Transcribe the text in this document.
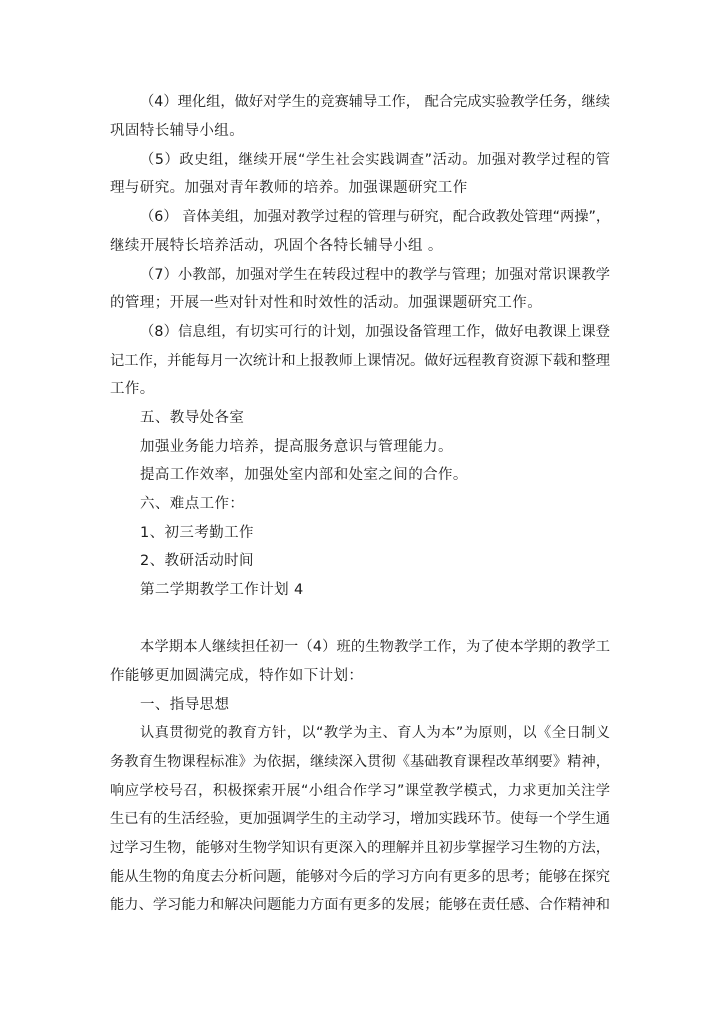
（4）理化组，做好对学生的竞赛辅导工作， 配合完成实验教学任务，继续
巩固特长辅导小组。
（5）政史组，继续开展“学生社会实践调查”活动。加强对教学过程的管
理与研究。加强对青年教师的培养。加强课题研究工作
（6） 音体美组，加强对教学过程的管理与研究，配合政教处管理“两操”，
继续开展特长培养活动，巩固个各特长辅导小组 。
（7）小教部，加强对学生在转段过程中的教学与管理；加强对常识课教学
的管理；开展一些对针对性和时效性的活动。加强课题研究工作。
（8）信息组，有切实可行的计划，加强设备管理工作，做好电教课上课登
记工作，并能每月一次统计和上报教师上课情况。做好远程教育资源下载和整理
工作。
五、教导处各室
加强业务能力培养，提高服务意识与管理能力。
提高工作效率，加强处室内部和处室之间的合作。
六、难点工作：
1、初三考勤工作
2、教研活动时间
第二学期教学工作计划 4
本学期本人继续担任初一（4）班的生物教学工作，为了使本学期的教学工
作能够更加圆满完成，特作如下计划：
一、指导思想
认真贯彻党的教育方针，以“教学为主、育人为本”为原则，以《全日制义
务教育生物课程标准》为依据，继续深入贯彻《基础教育课程改革纲要》精神，
响应学校号召，积极探索开展“小组合作学习”课堂教学模式，力求更加关注学
生已有的生活经验，更加强调学生的主动学习，增加实践环节。使每一个学生通
过学习生物，能够对生物学知识有更深入的理解并且初步掌握学习生物的方法，
能从生物的角度去分析问题，能够对今后的学习方向有更多的思考；能够在探究
能力、学习能力和解决问题能力方面有更多的发展；能够在责任感、合作精神和
